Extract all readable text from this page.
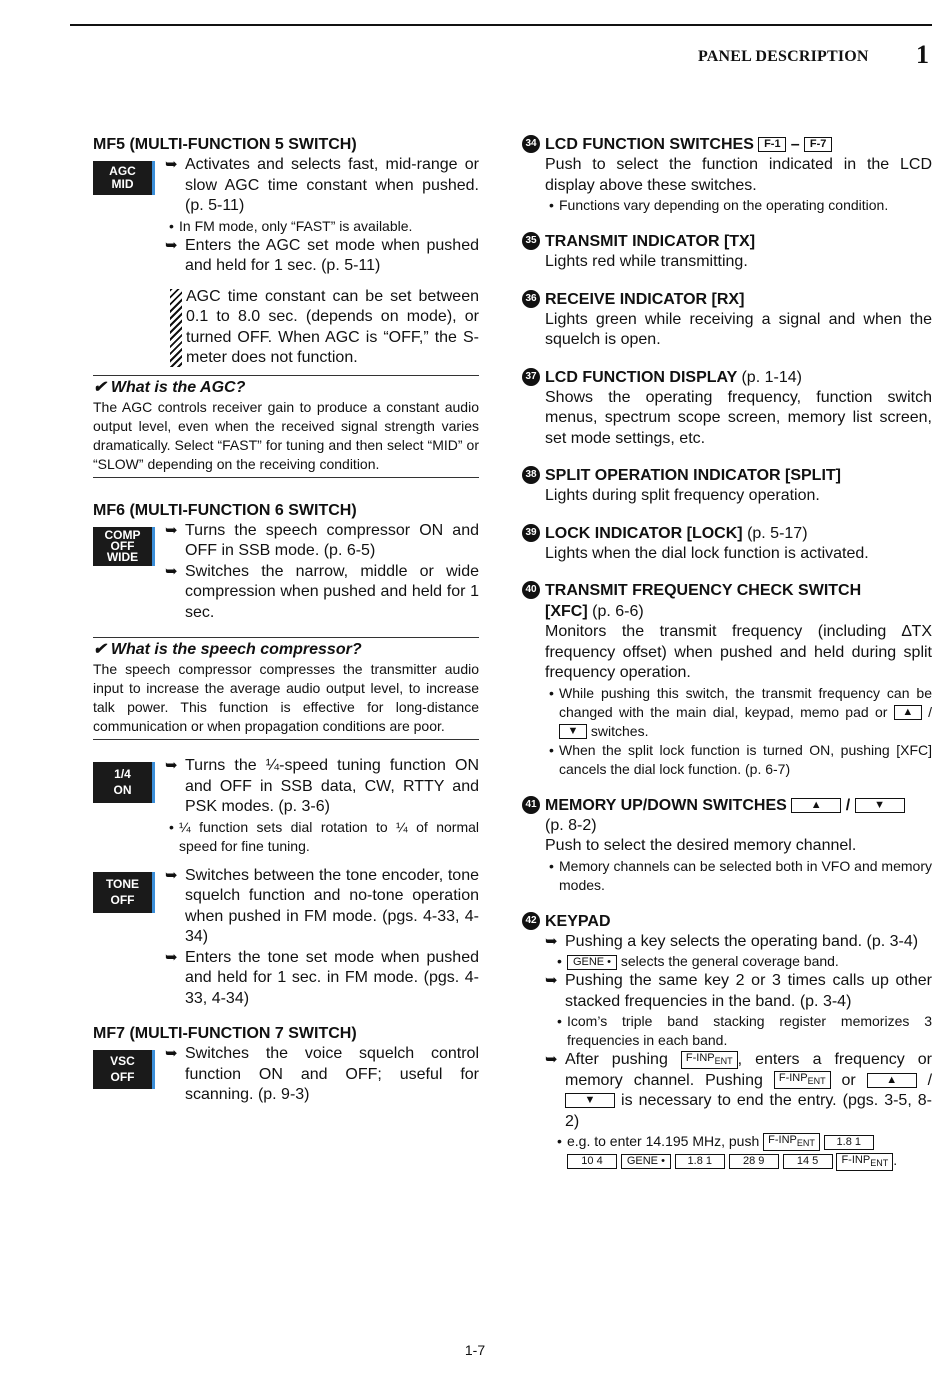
PANEL DESCRIPTION 1

MF5 (MULTI-FUNCTION 5 SWITCH)

AGC
MID
➥ Activates and selects fast, mid-range or slow AGC time constant when pushed. (p. 5-11)
• In FM mode, only “FAST” is available.
➥ Enters the AGC set mode when pushed and held for 1 sec. (p. 5-11)
AGC time constant can be set between 0.1 to 8.0 sec. (depends on mode), or turned OFF. When AGC is “OFF,” the S-meter does not function.
✔ What is the AGC?

The AGC controls receiver gain to produce a constant audio output level, even when the received signal strength varies dramatically. Select “FAST” for tuning and then select “MID” or “SLOW” depending on the receiving condition.

MF6 (MULTI-FUNCTION 6 SWITCH)

COMP
OFF
WIDE
➥ Turns the speech compressor ON and OFF in SSB mode. (p. 6-5)
➥ Switches the narrow, middle or wide compression when pushed and held for 1 sec.
✔ What is the speech compressor?

The speech compressor compresses the transmitter audio input to increase the average audio output level, to increase talk power. This function is effective for long-distance communication or when propagation conditions are poor.

1/4
ON
➥ Turns the ¼-speed tuning function ON and OFF in SSB data, CW, RTTY and PSK modes. (p. 3-6)
• ¼ function sets dial rotation to ¼ of normal speed for fine tuning.
TONE
OFF
➥ Switches between the tone encoder, tone squelch function and no-tone operation when pushed in FM mode. (pgs. 4-33, 4-34)
➥ Enters the tone set mode when pushed and held for 1 sec. in FM mode. (pgs. 4-33, 4-34)

MF7 (MULTI-FUNCTION 7 SWITCH)

VSC
OFF
➥ Switches the voice squelch control function ON and OFF; useful for scanning. (p. 9-3)
34 LCD FUNCTION SWITCHES F-1 – F-7

Push to select the function indicated in the LCD display above these switches.

• Functions vary depending on the operating condition.
35 TRANSMIT INDICATOR [TX]

Lights red while transmitting.

36 RECEIVE INDICATOR [RX]

Lights green while receiving a signal and when the squelch is open.

37 LCD FUNCTION DISPLAY (p. 1-14)

Shows the operating frequency, function switch menus, spectrum scope screen, memory list screen, set mode settings, etc.

38 SPLIT OPERATION INDICATOR [SPLIT]

Lights during split frequency operation.

39 LOCK INDICATOR [LOCK] (p. 5-17)

Lights when the dial lock function is activated.

40 TRANSMIT FREQUENCY CHECK SWITCH
[XFC] (p. 6-6)

Monitors the transmit frequency (including ∆TX frequency offset) when pushed and held during split frequency operation.

• While pushing this switch, the transmit frequency can be changed with the main dial, keypad, memo pad or ▲ / ▼ switches.
• When the split lock function is turned ON, pushing [XFC] cancels the dial lock function. (p. 6-7)
41 MEMORY UP/DOWN SWITCHES ▲ / ▼

(p. 8-2)

Push to select the desired memory channel.

• Memory channels can be selected both in VFO and memory modes.
42 KEYPAD

➥ Pushing a key selects the operating band. (p. 3-4)
• GENE • selects the general coverage band.
➥ Pushing the same key 2 or 3 times calls up other stacked frequencies in the band. (p. 3-4)
• Icom’s triple band stacking register memorizes 3 frequencies in each band.
➥ After pushing $F-INP_{ENT}$ , enters a frequency or memory channel. Pushing $F-INP_{ENT}$ or	▲ / ▼ is necessary to end the entry. (pgs. 3-5, 8-2)
• e.g. to enter 14.195 MHz, push $F-INP_{ENT}$ 1.8 1
10 4 GENE • 1.8 1	28 9	14 5 $F-INP_{ENT}$ .
1-7
